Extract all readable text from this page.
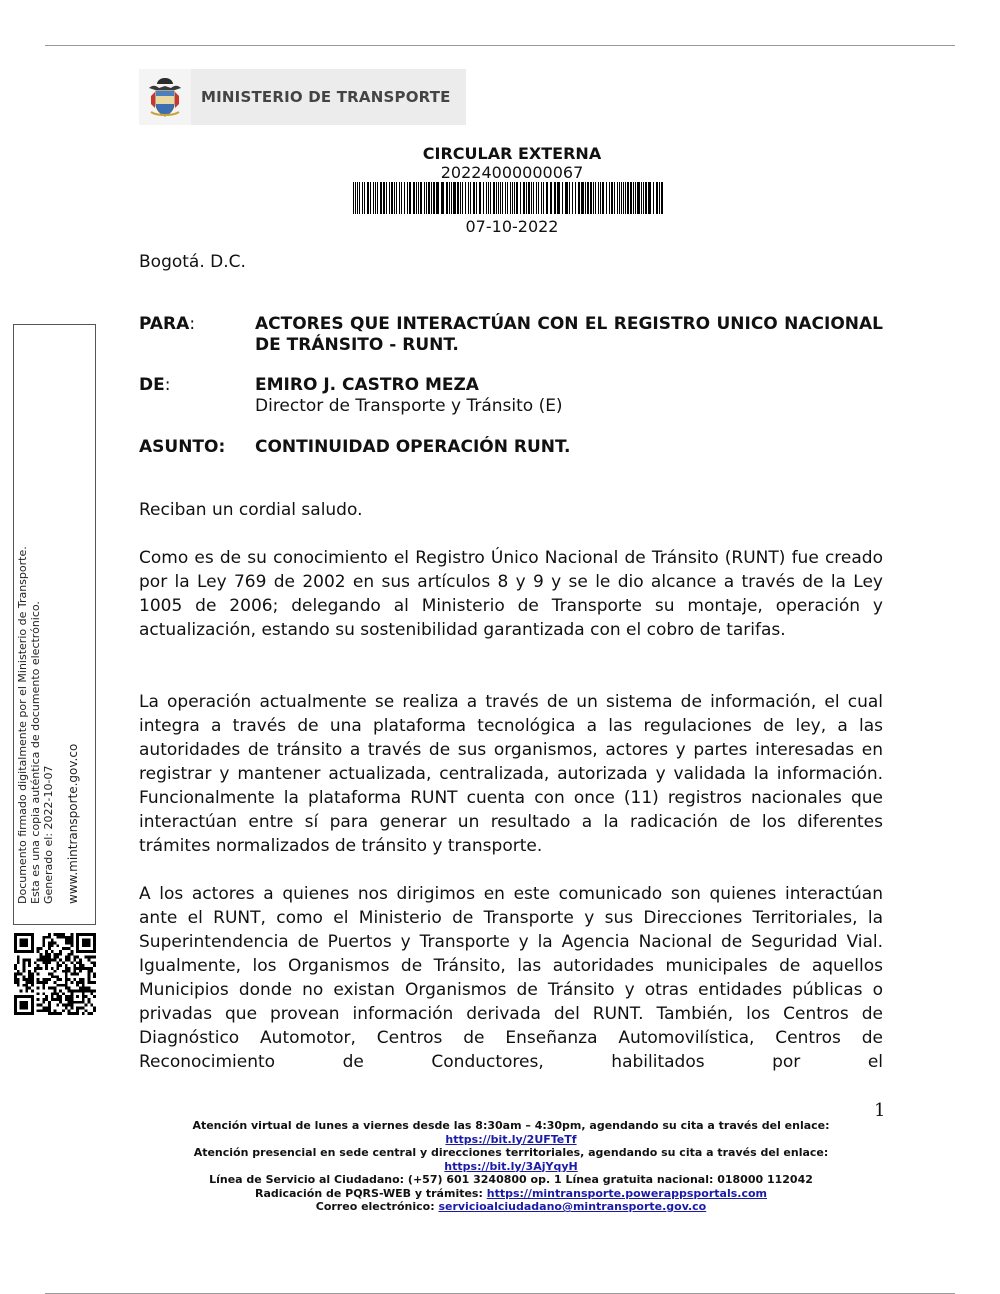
MINISTERIO DE TRANSPORTE
CIRCULAR EXTERNA
20224000000067
07-10-2022
Bogotá. D.C.
PARA:	ACTORES QUE INTERACTÚAN CON EL REGISTRO UNICO NACIONAL DE TRÁNSITO - RUNT.
DE:	EMIRO J. CASTRO MEZA
Director de Transporte y Tránsito (E)
ASUNTO: CONTINUIDAD OPERACIÓN RUNT.

Reciban un cordial saludo.

Como es de su conocimiento el Registro Único Nacional de Tránsito (RUNT) fue creado por la Ley 769 de 2002 en sus artículos 8 y 9 y se le dio alcance a través de la Ley 1005 de 2006; delegando al Ministerio de Transporte su montaje, operación y actualización, estando su sostenibilidad garantizada con el cobro de tarifas.

La operación actualmente se realiza a través de un sistema de información, el cual integra a través de una plataforma tecnológica a las regulaciones de ley, a las autoridades de tránsito a través de sus organismos, actores y partes interesadas en registrar y mantener actualizada, centralizada, autorizada y validada la información. Funcionalmente la plataforma RUNT cuenta con once (11) registros nacionales que interactúan entre sí para generar un resultado a la radicación de los diferentes trámites normalizados de tránsito y transporte.

A los actores a quienes nos dirigimos en este comunicado son quienes interactúan ante el RUNT, como el Ministerio de Transporte y sus Direcciones Territoriales, la Superintendencia de Puertos y Transporte y la Agencia Nacional de Seguridad Vial. Igualmente, los Organismos de Tránsito, las autoridades municipales de aquellos Municipios donde no existan Organismos de Tránsito y otras entidades públicas o privadas que provean información derivada del RUNT. También, los Centros de Diagnóstico Automotor, Centros de Enseñanza Automovilística, Centros de Reconocimiento de Conductores, habilitados por el

Documento firmado digitalmente por el Ministerio de Transporte. Esta es una copia auténtica de documento electrónico. Generado el: 2022-10-07 www.mintransporte.gov.co
1
Atención virtual de lunes a viernes desde las 8:30am – 4:30pm, agendando su cita a través del enlace:
https://bit.ly/2UFTeTf
Atención presencial en sede central y direcciones territoriales, agendando su cita a través del enlace:
https://bit.ly/3AjYqyH
Línea de Servicio al Ciudadano: (+57) 601 3240800 op. 1 Línea gratuita nacional: 018000 112042
Radicación de PQRS-WEB y trámites: https://mintransporte.powerappsportals.com
Correo electrónico: servicioalciudadano@mintransporte.gov.co
